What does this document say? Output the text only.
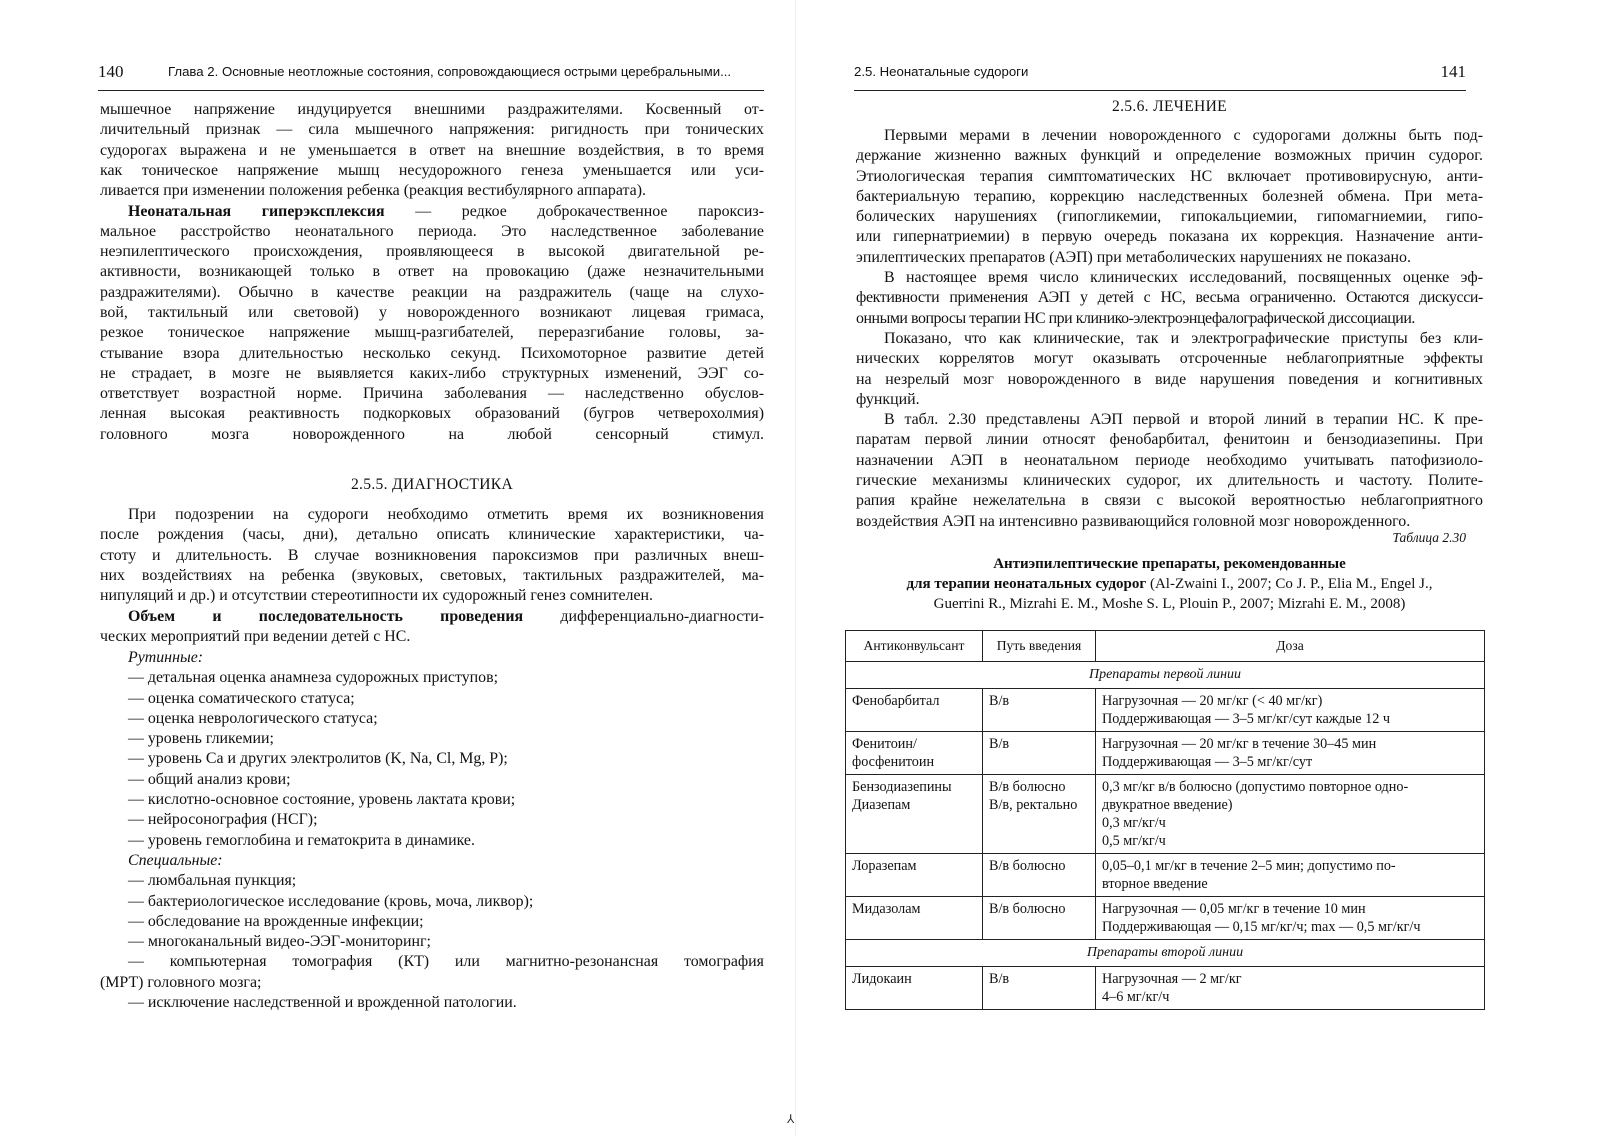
140	Глава 2. Основные неотложные состояния, сопровождающиеся острыми церебральными...
мышечное напряжение индуцируется внешними раздражителями. Косвенный от-
личительный признак — сила мышечного напряжения: ригидность при тонических
судорогах выражена и не уменьшается в ответ на внешние воздействия, в то время
как тоническое напряжение мышц несудорожного генеза уменьшается или уси-
ливается при изменении положения ребенка (реакция вестибулярного аппарата).
Неонатальная гиперэксплексия — редкое доброкачественное пароксиз-
мальное расстройство неонатального периода. Это наследственное заболевание
неэпилептического происхождения, проявляющееся в высокой двигательной ре-
активности, возникающей только в ответ на провокацию (даже незначительными
раздражителями). Обычно в качестве реакции на раздражитель (чаще на слухо-
вой, тактильный или световой) у новорожденного возникают лицевая гримаса,
резкое тоническое напряжение мышц-разгибателей, переразгибание головы, за-
стывание взора длительностью несколько секунд. Психомоторное развитие детей
не страдает, в мозге не выявляется каких-либо структурных изменений, ЭЭГ со-
ответствует возрастной норме. Причина заболевания — наследственно обуслов-
ленная высокая реактивность подкорковых образований (бугров четверохолмия)
головного мозга новорожденного на любой сенсорный стимул.
2.5.5. ДИАГНОСТИКА
При подозрении на судороги необходимо отметить время их возникновения
после рождения (часы, дни), детально описать клинические характеристики, ча-
стоту и длительность. В случае возникновения пароксизмов при различных внеш-
них воздействиях на ребенка (звуковых, световых, тактильных раздражителей, ма-
нипуляций и др.) и отсутствии стереотипности их судорожный генез сомнителен.
Объем и последовательность проведения дифференциально-диагности-
ческих мероприятий при ведении детей с НС.
Рутинные:
— детальная оценка анамнеза судорожных приступов;
— оценка соматического статуса;
— оценка неврологического статуса;
— уровень гликемии;
— уровень Ca и других электролитов (K, Na, Cl, Mg, P);
— общий анализ крови;
— кислотно-основное состояние, уровень лактата крови;
— нейросонография (НСГ);
— уровень гемоглобина и гематокрита в динамике.
Специальные:
— люмбальная пункция;
— бактериологическое исследование (кровь, моча, ликвор);
— обследование на врожденные инфекции;
— многоканальный видео-ЭЭГ-мониторинг;
— компьютерная томография (КТ) или магнитно-резонансная томография
(МРТ) головного мозга;
— исключение наследственной и врожденной патологии.
2.5. Неонатальные судороги	141
2.5.6. ЛЕЧЕНИЕ
Первыми мерами в лечении новорожденного с судорогами должны быть под-
держание жизненно важных функций и определение возможных причин судорог.
Этиологическая терапия симптоматических НС включает противовирусную, анти-
бактериальную терапию, коррекцию наследственных болезней обмена. При мета-
болических нарушениях (гипогликемии, гипокальциемии, гипомагниемии, гипо-
или гипернатриемии) в первую очередь показана их коррекция. Назначение анти-
эпилептических препаратов (АЭП) при метаболических нарушениях не показано.
В настоящее время число клинических исследований, посвященных оценке эф-
фективности применения АЭП у детей с НС, весьма ограниченно. Остаются дискусси-
онными вопросы терапии НС при клинико-электроэнцефалографической диссоциации.
Показано, что как клинические, так и электрографические приступы без кли-
нических коррелятов могут оказывать отсроченные неблагоприятные эффекты
на незрелый мозг новорожденного в виде нарушения поведения и когнитивных
функций.
В табл. 2.30 представлены АЭП первой и второй линий в терапии НС. К пре-
паратам первой линии относят фенобарбитал, фенитоин и бензодиазепины. При
назначении АЭП в неонатальном периоде необходимо учитывать патофизиоло-
гические механизмы клинических судорог, их длительность и частоту. Полите-
рапия крайне нежелательна в связи с высокой вероятностью неблагоприятного
воздействия АЭП на интенсивно развивающийся головной мозг новорожденного.
Таблица 2.30
Антиэпилептические препараты, рекомендованные
для терапии неонатальных судорог (Al-Zwaini I., 2007; Co J. P., Elia M., Engel J.,
Guerrini R., Mizrahi E. M., Moshe S. L, Plouin P., 2007; Mizrahi E. M., 2008)
Антиконвульсант	Путь введения	Доза
Препараты первой линии		

Фенобарбитал	В/в	Нагрузочная — 20 мг/кг (< 40 мг/кг)
Поддерживающая — 3–5 мг/кг/сут каждые 12 ч

Фенитоин/
фосфенитоин	В/в	Нагрузочная — 20 мг/кг в течение 30–45 мин
Поддерживающая — 3–5 мг/кг/сут

Бензодиазепины
Диазепам	В/в болюсно
В/в, ректально	0,3 мг/кг в/в болюсно (допустимо повторное одно-
двукратное введение)
0,3 мг/кг/ч
0,5 мг/кг/ч

Лоразепам	В/в болюсно	0,05–0,1 мг/кг в течение 2–5 мин; допустимо по-
вторное введение

Мидазолам	В/в болюсно	Нагрузочная — 0,05 мг/кг в течение 10 мин
Поддерживающая — 0,15 мг/кг/ч; max — 0,5 мг/кг/ч

Препараты второй линии		

Лидокаин	В/в	Нагрузочная — 2 мг/кг
4–6 мг/кг/ч
⅄
